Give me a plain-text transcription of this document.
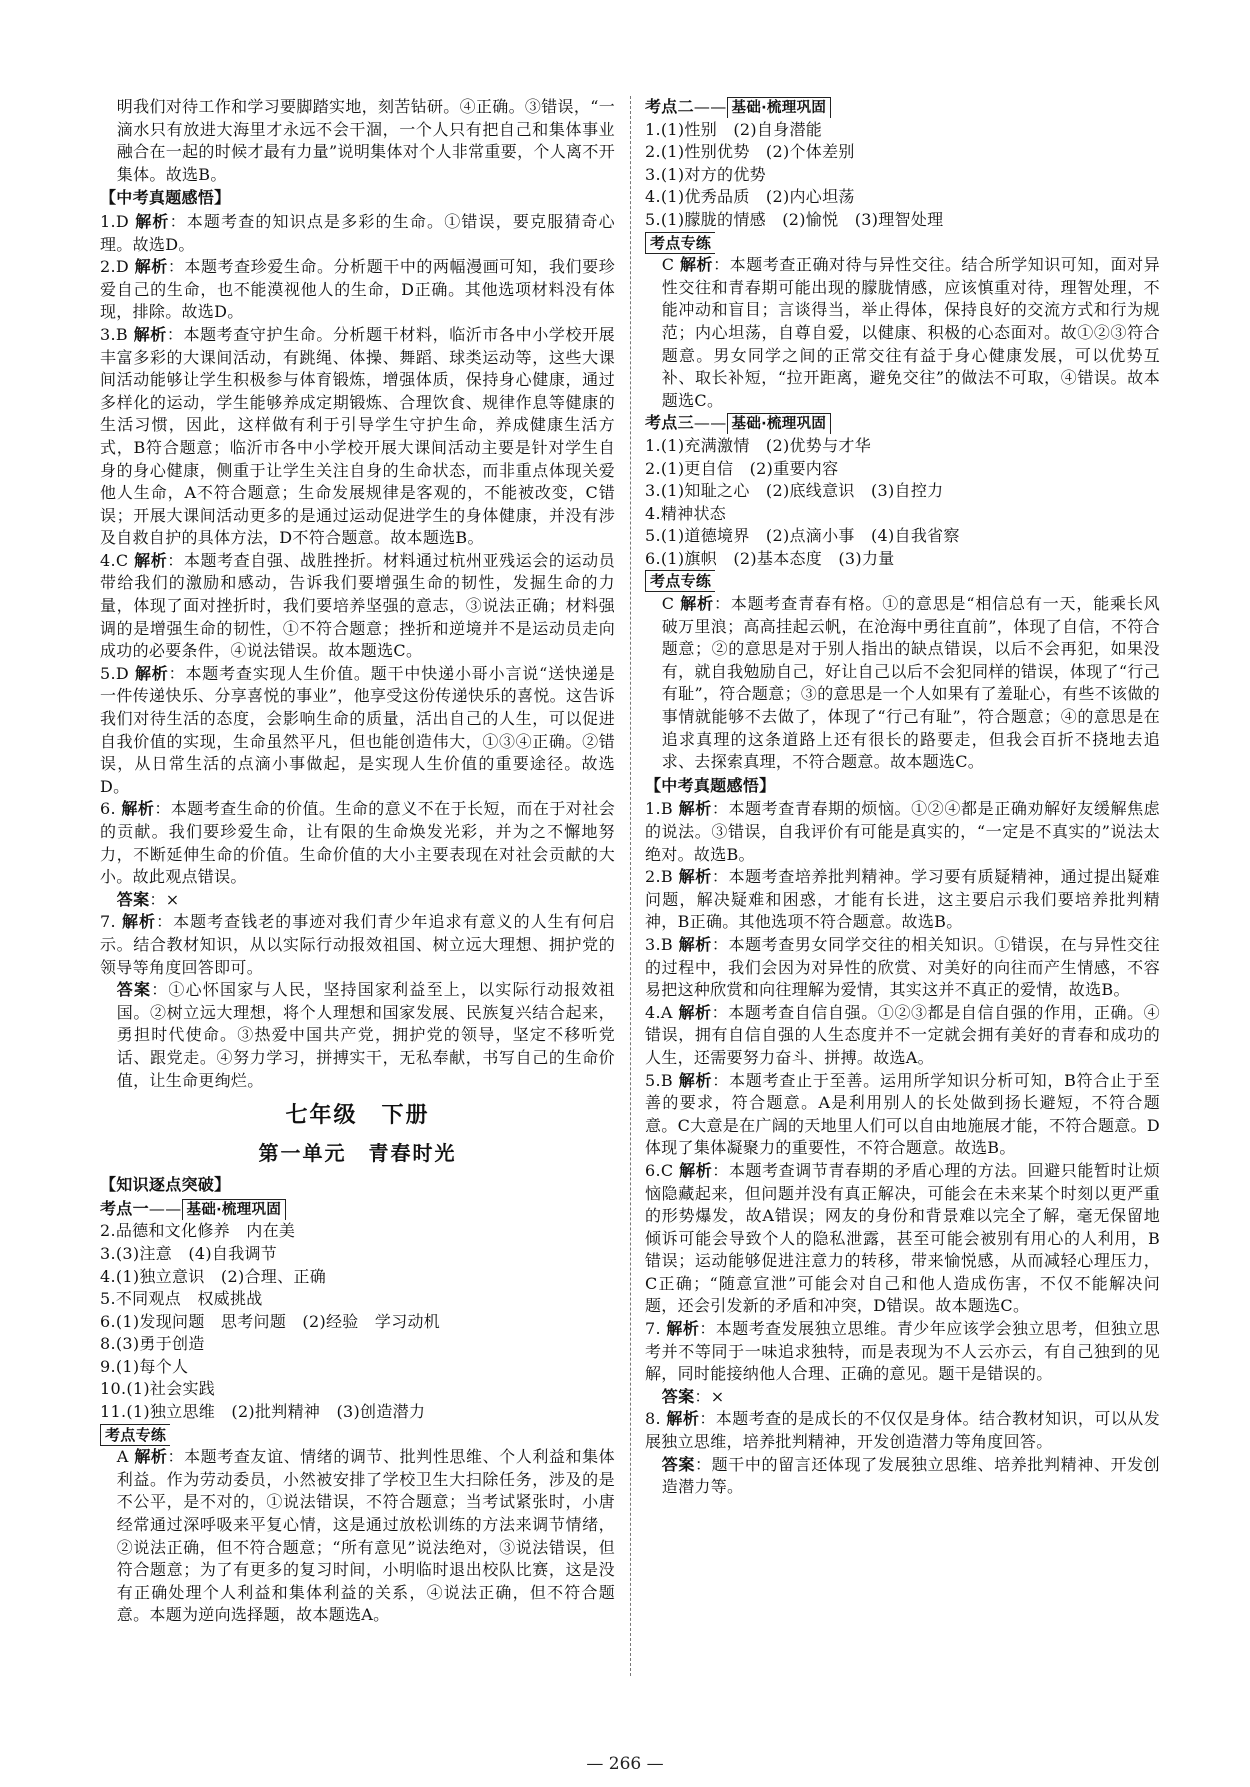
明我们对待工作和学习要脚踏实地，刻苦钻研。④正确。③错误，“一滴水只有放进大海里才永远不会干涸，一个人只有把自己和集体事业融合在一起的时候才最有力量”说明集体对个人非常重要，个人离不开集体。故选B。

【中考真题感悟】

1.D 解析：本题考查的知识点是多彩的生命。①错误，要克服猜奇心理。故选D。

2.D 解析：本题考查珍爱生命。分析题干中的两幅漫画可知，我们要珍爱自己的生命，也不能漠视他人的生命，D正确。其他选项材料没有体现，排除。故选D。

3.B 解析：本题考查守护生命。分析题干材料，临沂市各中小学校开展丰富多彩的大课间活动，有跳绳、体操、舞蹈、球类运动等，这些大课间活动能够让学生积极参与体育锻炼，增强体质，保持身心健康，通过多样化的运动，学生能够养成定期锻炼、合理饮食、规律作息等健康的生活习惯，因此，这样做有利于引导学生守护生命，养成健康生活方式，B符合题意；临沂市各中小学校开展大课间活动主要是针对学生自身的身心健康，侧重于让学生关注自身的生命状态，而非重点体现关爱他人生命，A不符合题意；生命发展规律是客观的，不能被改变，C错误；开展大课间活动更多的是通过运动促进学生的身体健康，并没有涉及自救自护的具体方法，D不符合题意。故本题选B。

4.C 解析：本题考查自强、战胜挫折。材料通过杭州亚残运会的运动员带给我们的激励和感动，告诉我们要增强生命的韧性，发掘生命的力量，体现了面对挫折时，我们要培养坚强的意志，③说法正确；材料强调的是增强生命的韧性，①不符合题意；挫折和逆境并不是运动员走向成功的必要条件，④说法错误。故本题选C。

5.D 解析：本题考查实现人生价值。题干中快递小哥小言说“送快递是一件传递快乐、分享喜悦的事业”，他享受这份传递快乐的喜悦。这告诉我们对待生活的态度，会影响生命的质量，活出自己的人生，可以促进自我价值的实现，生命虽然平凡，但也能创造伟大，①③④正确。②错误，从日常生活的点滴小事做起，是实现人生价值的重要途径。故选D。

6. 解析：本题考查生命的价值。生命的意义不在于长短，而在于对社会的贡献。我们要珍爱生命，让有限的生命焕发光彩，并为之不懈地努力，不断延伸生命的价值。生命价值的大小主要表现在对社会贡献的大小。故此观点错误。

答案：×

7. 解析：本题考查钱老的事迹对我们青少年追求有意义的人生有何启示。结合教材知识，从以实际行动报效祖国、树立远大理想、拥护党的领导等角度回答即可。

答案：①心怀国家与人民，坚持国家利益至上，以实际行动报效祖国。②树立远大理想，将个人理想和国家发展、民族复兴结合起来，勇担时代使命。③热爱中国共产党，拥护党的领导，坚定不移听党话、跟党走。④努力学习，拼搏实干，无私奉献，书写自己的生命价值，让生命更绚烂。

七年级　下册

第一单元　青春时光

【知识逐点突破】

考点一—— 基础·梳理巩固

2.品德和文化修养　内在美

3.(3)注意　(4)自我调节

4.(1)独立意识　(2)合理、正确

5.不同观点　权威挑战

6.(1)发现问题　思考问题　(2)经验　学习动机

8.(3)勇于创造

9.(1)每个人

10.(1)社会实践

11.(1)独立思维　(2)批判精神　(3)创造潜力

考点专练

A 解析：本题考查友谊、情绪的调节、批判性思维、个人利益和集体利益。作为劳动委员，小然被安排了学校卫生大扫除任务，涉及的是不公平，是不对的，①说法错误，不符合题意；当考试紧张时，小唐经常通过深呼吸来平复心情，这是通过放松训练的方法来调节情绪，②说法正确，但不符合题意；“所有意见”说法绝对，③说法错误，但符合题意；为了有更多的复习时间，小明临时退出校队比赛，这是没有正确处理个人利益和集体利益的关系，④说法正确，但不符合题意。本题为逆向选择题，故本题选A。

考点二—— 基础·梳理巩固

1.(1)性别　(2)自身潜能

2.(1)性别优势　(2)个体差别

3.(1)对方的优势

4.(1)优秀品质　(2)内心坦荡

5.(1)朦胧的情感　(2)愉悦　(3)理智处理

考点专练

C 解析：本题考查正确对待与异性交往。结合所学知识可知，面对异性交往和青春期可能出现的朦胧情感，应该慎重对待，理智处理，不能冲动和盲目；言谈得当，举止得体，保持良好的交流方式和行为规范；内心坦荡，自尊自爱，以健康、积极的心态面对。故①②③符合题意。男女同学之间的正常交往有益于身心健康发展，可以优势互补、取长补短，“拉开距离，避免交往”的做法不可取，④错误。故本题选C。

考点三—— 基础·梳理巩固

1.(1)充满激情　(2)优势与才华

2.(1)更自信　(2)重要内容

3.(1)知耻之心　(2)底线意识　(3)自控力

4.精神状态

5.(1)道德境界　(2)点滴小事　(4)自我省察

6.(1)旗帜　(2)基本态度　(3)力量

考点专练

C 解析：本题考查青春有格。①的意思是“相信总有一天，能乘长风破万里浪；高高挂起云帆，在沧海中勇往直前”，体现了自信，不符合题意；②的意思是对于别人指出的缺点错误，以后不会再犯，如果没有，就自我勉励自己，好让自己以后不会犯同样的错误，体现了“行己有耻”，符合题意；③的意思是一个人如果有了羞耻心，有些不该做的事情就能够不去做了，体现了“行己有耻”，符合题意；④的意思是在追求真理的这条道路上还有很长的路要走，但我会百折不挠地去追求、去探索真理，不符合题意。故本题选C。

【中考真题感悟】

1.B 解析：本题考查青春期的烦恼。①②④都是正确劝解好友缓解焦虑的说法。③错误，自我评价有可能是真实的，“一定是不真实的”说法太绝对。故选B。

2.B 解析：本题考查培养批判精神。学习要有质疑精神，通过提出疑难问题，解决疑难和困惑，才能有长进，这主要启示我们要培养批判精神，B正确。其他选项不符合题意。故选B。

3.B 解析：本题考查男女同学交往的相关知识。①错误，在与异性交往的过程中，我们会因为对异性的欣赏、对美好的向往而产生情感，不容易把这种欣赏和向往理解为爱情，其实这并不真正的爱情，故选B。

4.A 解析：本题考查自信自强。①②③都是自信自强的作用，正确。④错误，拥有自信自强的人生态度并不一定就会拥有美好的青春和成功的人生，还需要努力奋斗、拼搏。故选A。

5.B 解析：本题考查止于至善。运用所学知识分析可知，B符合止于至善的要求，符合题意。A是利用别人的长处做到扬长避短，不符合题意。C大意是在广阔的天地里人们可以自由地施展才能，不符合题意。D体现了集体凝聚力的重要性，不符合题意。故选B。

6.C 解析：本题考查调节青春期的矛盾心理的方法。回避只能暂时让烦恼隐藏起来，但问题并没有真正解决，可能会在未来某个时刻以更严重的形势爆发，故A错误；网友的身份和背景难以完全了解，毫无保留地倾诉可能会导致个人的隐私泄露，甚至可能会被别有用心的人利用，B错误；运动能够促进注意力的转移，带来愉悦感，从而减轻心理压力，C正确；“随意宣泄”可能会对自己和他人造成伤害，不仅不能解决问题，还会引发新的矛盾和冲突，D错误。故本题选C。

7. 解析：本题考查发展独立思维。青少年应该学会独立思考，但独立思考并不等同于一味追求独特，而是表现为不人云亦云，有自己独到的见解，同时能接纳他人合理、正确的意见。题干是错误的。

答案：×

8. 解析：本题考查的是成长的不仅仅是身体。结合教材知识，可以从发展独立思维，培养批判精神，开发创造潜力等角度回答。

答案：题干中的留言还体现了发展独立思维、培养批判精神、开发创造潜力等。

— 266 —
